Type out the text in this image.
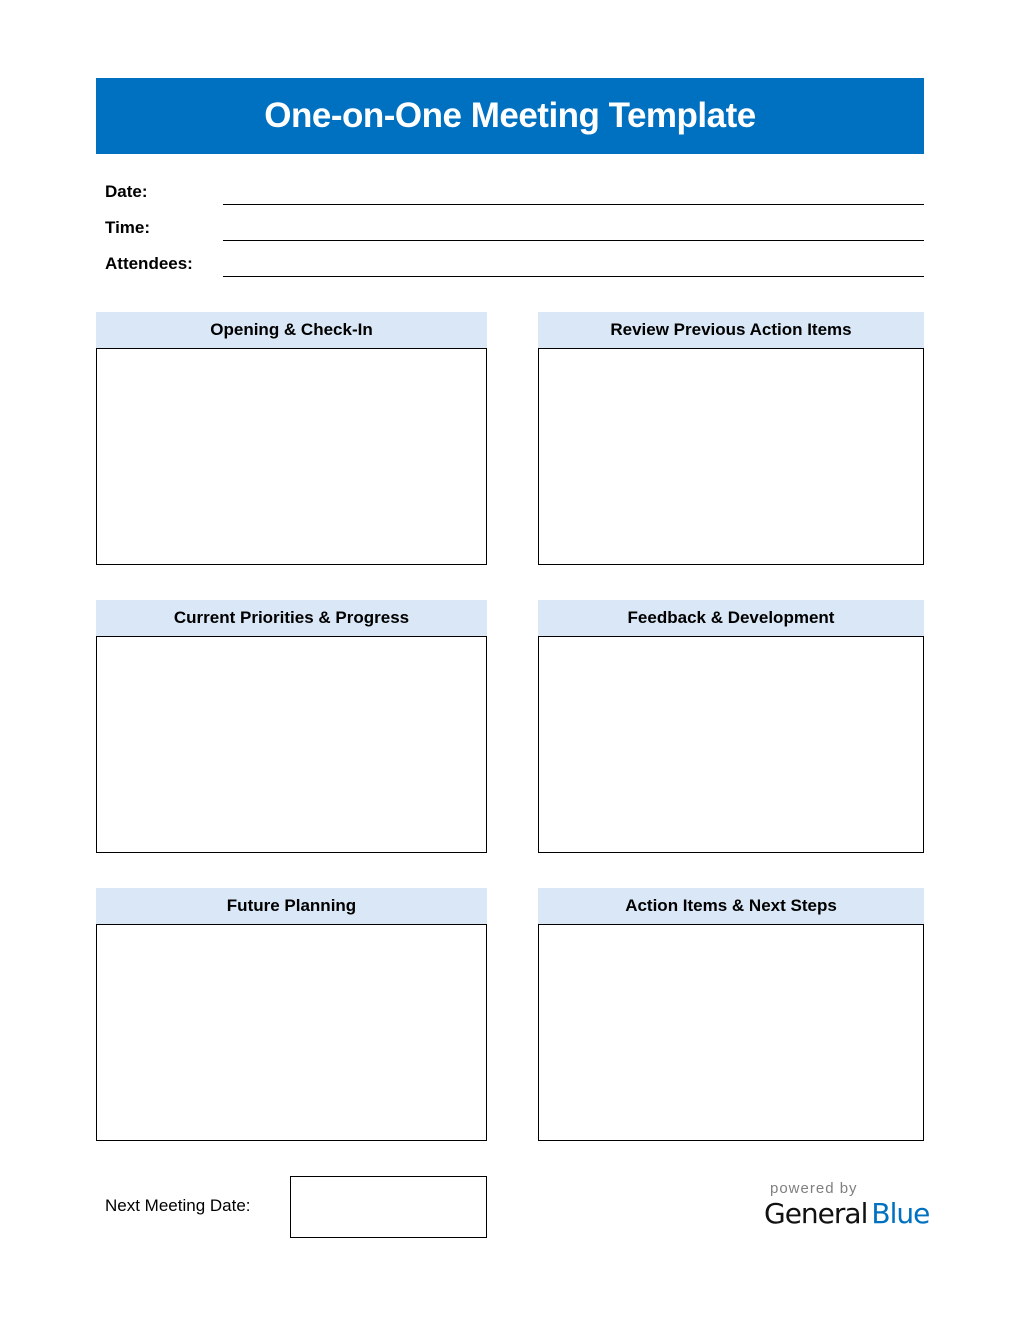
One-on-One Meeting Template
Date:
Time:
Attendees:
Opening & Check-In	Review Previous Action Items
Current Priorities & Progress	Feedback & Development
Future Planning	Action Items & Next Steps
Next Meeting Date:
powered by
General Blue
